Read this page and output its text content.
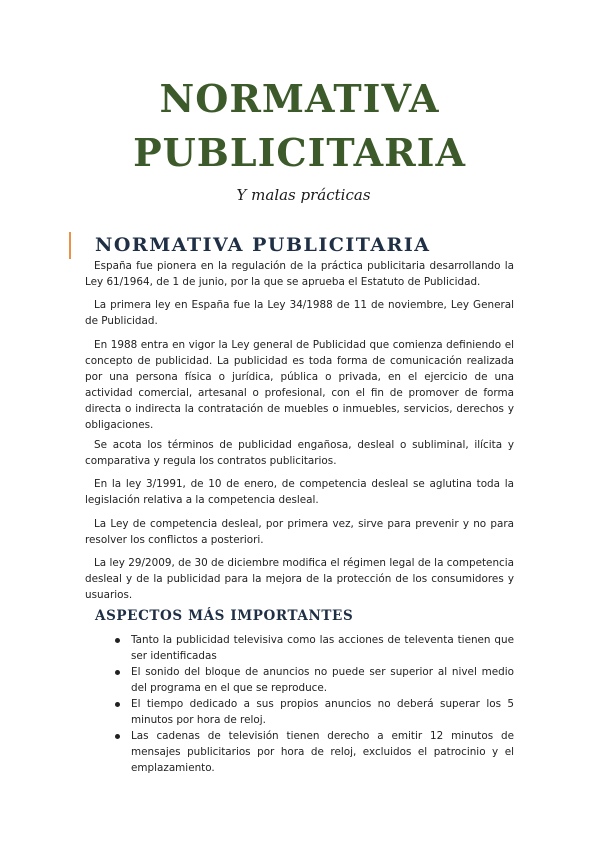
NORMATIVA
PUBLICITARIA

Y malas prácticas

NORMATIVA PUBLICITARIA

España fue pionera en la regulación de la práctica publicitaria desarrollando la Ley 61/1964, de 1 de junio, por la que se aprueba el Estatuto de Publicidad.

La primera ley en España fue la Ley 34/1988 de 11 de noviembre, Ley General de Publicidad.

En 1988 entra en vigor la Ley general de Publicidad que comienza definiendo el concepto de publicidad. La publicidad es toda forma de comunicación realizada por una persona física o jurídica, pública o privada, en el ejercicio de una actividad comercial, artesanal o profesional, con el fin de promover de forma directa o indirecta la contratación de muebles o inmuebles, servicios, derechos y obligaciones.

Se acota los términos de publicidad engañosa, desleal o subliminal, ilícita y comparativa y regula los contratos publicitarios.

En la ley 3/1991, de 10 de enero, de competencia desleal se aglutina toda la legislación relativa a la competencia desleal.

La Ley de competencia desleal, por primera vez, sirve para prevenir y no para resolver los conflictos a posteriori.

La ley 29/2009, de 30 de diciembre modifica el régimen legal de la competencia desleal y de la publicidad para la mejora de la protección de los consumidores y usuarios.

ASPECTOS MÁS IMPORTANTES
Tanto la publicidad televisiva como las acciones de televenta tienen que ser identificadas
El sonido del bloque de anuncios no puede ser superior al nivel medio del programa en el que se reproduce.
El tiempo dedicado a sus propios anuncios no deberá superar los 5 minutos por hora de reloj.
Las cadenas de televisión tienen derecho a emitir 12 minutos de mensajes publicitarios por hora de reloj, excluidos el patrocinio y el emplazamiento.
